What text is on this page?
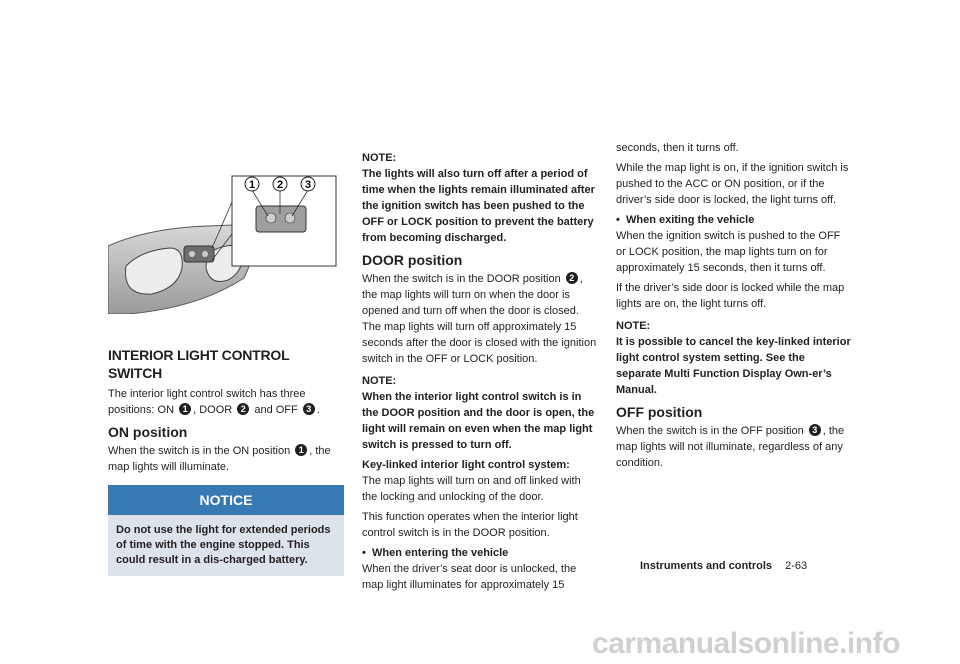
1 2 3
INTERIOR LIGHT CONTROL SWITCH

The interior light control switch has three positions: ON 1 , DOOR 2 and OFF 3 .

ON position

When the switch is in the ON position 1 , the map lights will illuminate.

NOTICE
Do not use the light for extended periods of time with the engine stopped. This could result in a dis-charged battery.
NOTE:

The lights will also turn off after a period of time when the lights remain illuminated after the ignition switch has been pushed to the OFF or LOCK position to prevent the battery from becoming discharged.

DOOR position

When the switch is in the DOOR position 2 , the map lights will turn on when the door is opened and turn off when the door is closed. The map lights will turn off approximately 15 seconds after the door is closed with the ignition switch in the OFF or LOCK position.

NOTE:

When the interior light control switch is in the DOOR position and the door is open, the light will remain on even when the map light switch is pressed to turn off.

Key-linked interior light control system:

The map lights will turn on and off linked with the locking and unlocking of the door.

This function operates when the interior light control switch is in the DOOR position.

•  When entering the vehicle

When the driver’s seat door is unlocked, the map light illuminates for approximately 15

seconds, then it turns off.

While the map light is on, if the ignition switch is pushed to the ACC or ON position, or if the driver’s side door is locked, the light turns off.

•  When exiting the vehicle

When the ignition switch is pushed to the OFF or LOCK position, the map lights turn on for approximately 15 seconds, then it turns off.

If the driver’s side door is locked while the map lights are on, the light turns off.

NOTE:

It is possible to cancel the key-linked interior light control system setting. See the separate Multi Function Display Own-er’s Manual.

OFF position

When the switch is in the OFF position 3 , the map lights will not illuminate, regardless of any condition.

Instruments and controls 2-63
carmanualsonline.info
